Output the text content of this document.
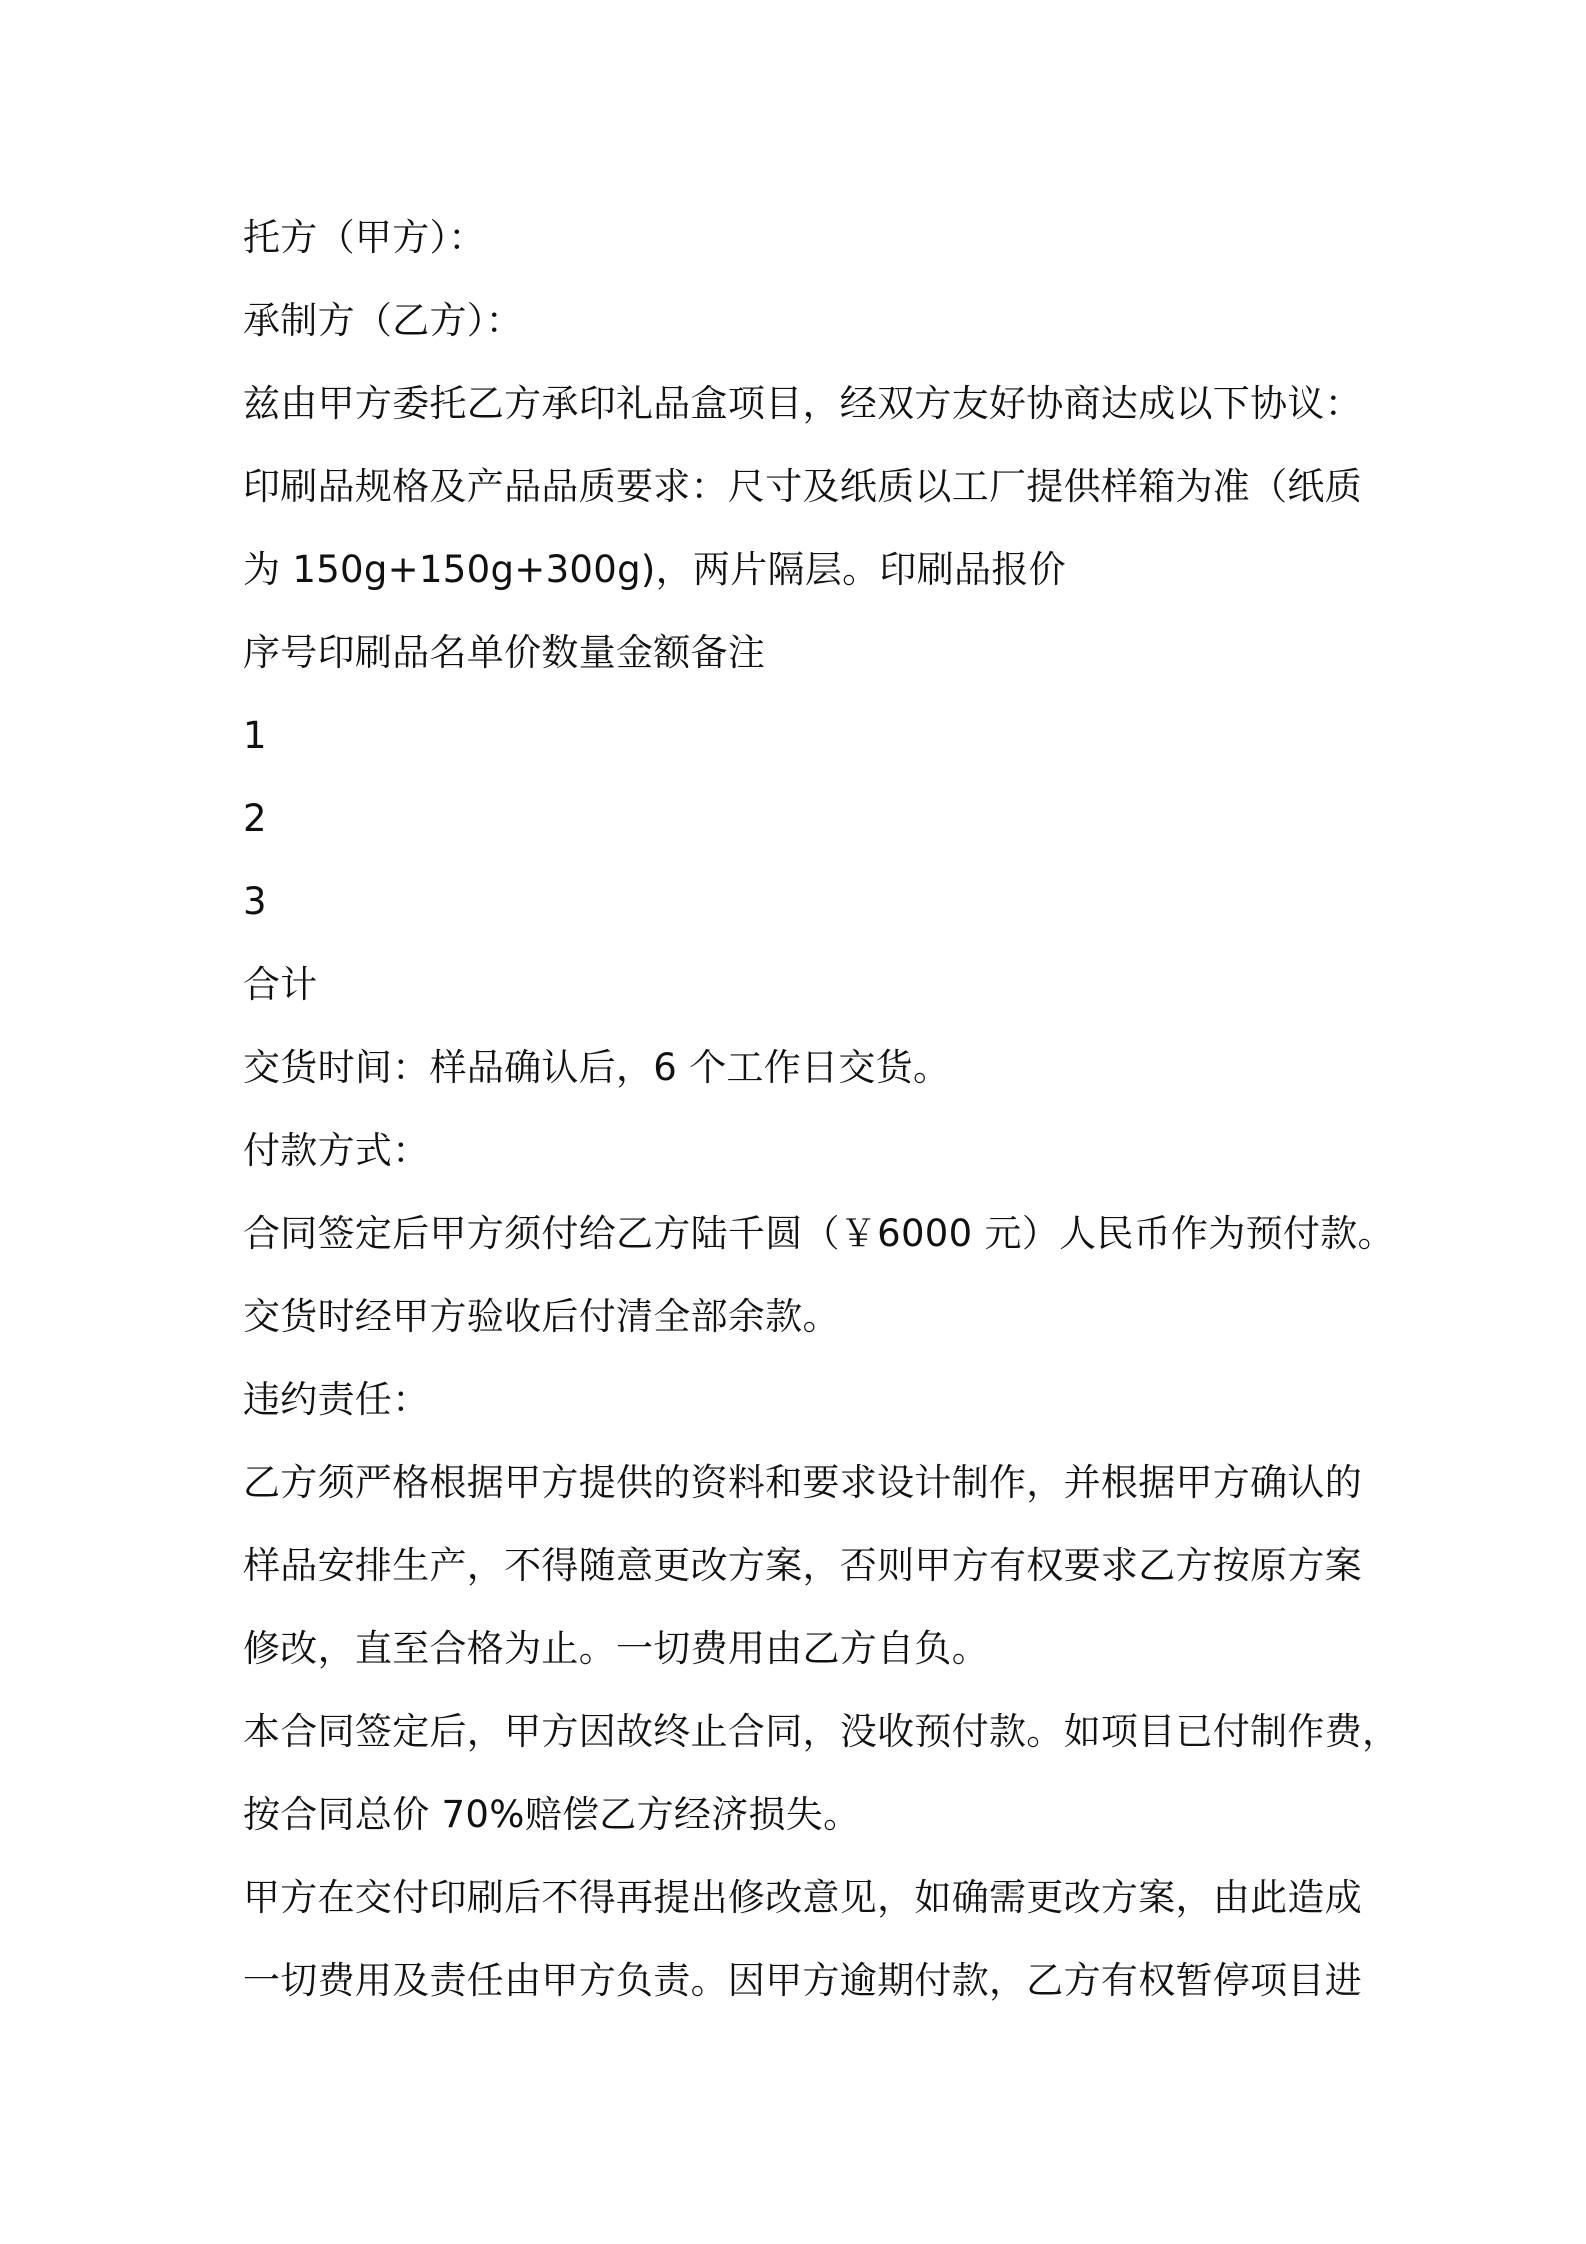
托方（甲方）：

承制方（乙方）：

兹由甲方委托乙方承印礼品盒项目，经双方友好协商达成以下协议：

印刷品规格及产品品质要求：尺寸及纸质以工厂提供样箱为准（纸质

为 150g+150g+300g)，两片隔层。印刷品报价

序号印刷品名单价数量金额备注

1

2

3

合计

交货时间：样品确认后，6 个工作日交货。

付款方式：

合同签定后甲方须付给乙方陆千圆（￥6000 元）人民币作为预付款。

交货时经甲方验收后付清全部余款。

违约责任：

乙方须严格根据甲方提供的资料和要求设计制作，并根据甲方确认的

样品安排生产，不得随意更改方案，否则甲方有权要求乙方按原方案

修改，直至合格为止。一切费用由乙方自负。

本合同签定后，甲方因故终止合同，没收预付款。如项目已付制作费，

按合同总价 70%赔偿乙方经济损失。

甲方在交付印刷后不得再提出修改意见，如确需更改方案，由此造成

一切费用及责任由甲方负责。因甲方逾期付款，乙方有权暂停项目进
